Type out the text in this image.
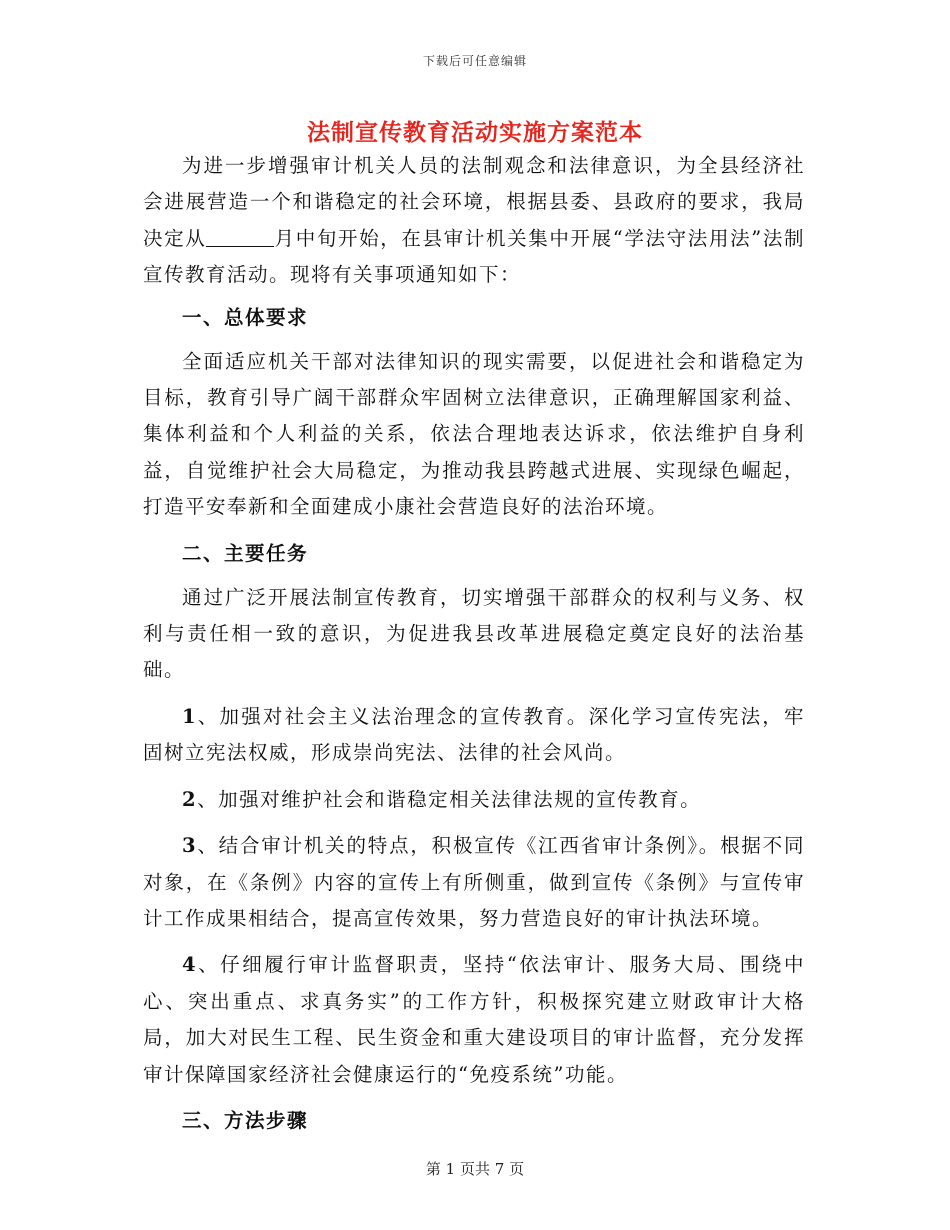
下载后可任意编辑
法制宣传教育活动实施方案范本

为进一步增强审计机关人员的法制观念和法律意识，为全县经济社会进展营造一个和谐稳定的社会环境，根据县委、县政府的要求，我局决定从	月中旬开始，在县审计机关集中开展“学法守法用法”法制宣传教育活动。现将有关事项通知如下：

一、总体要求

全面适应机关干部对法律知识的现实需要，以促进社会和谐稳定为目标，教育引导广阔干部群众牢固树立法律意识，正确理解国家利益、集体利益和个人利益的关系，依法合理地表达诉求，依法维护自身利益，自觉维护社会大局稳定，为推动我县跨越式进展、实现绿色崛起，打造平安奉新和全面建成小康社会营造良好的法治环境。

二、主要任务

通过广泛开展法制宣传教育，切实增强干部群众的权利与义务、权利与责任相一致的意识，为促进我县改革进展稳定奠定良好的法治基础。

1、加强对社会主义法治理念的宣传教育。深化学习宣传宪法，牢固树立宪法权威，形成崇尚宪法、法律的社会风尚。

2、加强对维护社会和谐稳定相关法律法规的宣传教育。

3、结合审计机关的特点，积极宣传《江西省审计条例》。根据不同对象，在《条例》内容的宣传上有所侧重，做到宣传《条例》与宣传审计工作成果相结合，提高宣传效果，努力营造良好的审计执法环境。

4、仔细履行审计监督职责，坚持“依法审计、服务大局、围绕中心、突出重点、求真务实”的工作方针，积极探究建立财政审计大格局，加大对民生工程、民生资金和重大建设项目的审计监督，充分发挥审计保障国家经济社会健康运行的“免疫系统”功能。

三、方法步骤
第 1 页共 7 页
